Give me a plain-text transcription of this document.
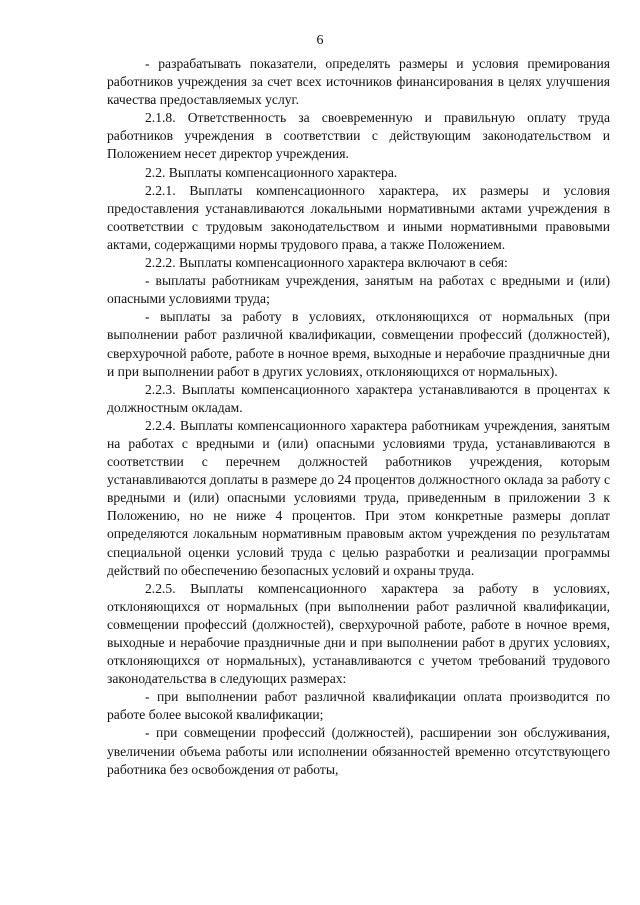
6

- разрабатывать показатели, определять размеры и условия премирования работников учреждения за счет всех источников финансирования в целях улучшения качества предоставляемых услуг.

2.1.8. Ответственность за своевременную и правильную оплату труда работников учреждения в соответствии с действующим законодательством и Положением несет директор учреждения.

2.2. Выплаты компенсационного характера.

2.2.1. Выплаты компенсационного характера, их размеры и условия предоставления устанавливаются локальными нормативными актами учреждения в соответствии с трудовым законодательством и иными нормативными правовыми актами, содержащими нормы трудового права, а также Положением.

2.2.2. Выплаты компенсационного характера включают в себя:

- выплаты работникам учреждения, занятым на работах с вредными и (или) опасными условиями труда;

- выплаты за работу в условиях, отклоняющихся от нормальных (при выполнении работ различной квалификации, совмещении профессий (должностей), сверхурочной работе, работе в ночное время, выходные и нерабочие праздничные дни и при выполнении работ в других условиях, отклоняющихся от нормальных).

2.2.3. Выплаты компенсационного характера устанавливаются в процентах к должностным окладам.

2.2.4. Выплаты компенсационного характера работникам учреждения, занятым на работах с вредными и (или) опасными условиями труда, устанавливаются в соответствии с перечнем должностей работников учреждения, которым устанавливаются доплаты в размере до 24 процентов должностного оклада за работу с вредными и (или) опасными условиями труда, приведенным в приложении 3 к Положению, но не ниже 4 процентов. При этом конкретные размеры доплат определяются локальным нормативным правовым актом учреждения по результатам специальной оценки условий труда с целью разработки и реализации программы действий по обеспечению безопасных условий и охраны труда.

2.2.5. Выплаты компенсационного характера за работу в условиях, отклоняющихся от нормальных (при выполнении работ различной квалификации, совмещении профессий (должностей), сверхурочной работе, работе в ночное время, выходные и нерабочие праздничные дни и при выполнении работ в других условиях, отклоняющихся от нормальных), устанавливаются с учетом требований трудового законодательства в следующих размерах:

- при выполнении работ различной квалификации оплата производится по работе более высокой квалификации;

- при совмещении профессий (должностей), расширении зон обслуживания, увеличении объема работы или исполнении обязанностей временно отсутствующего работника без освобождения от работы,
